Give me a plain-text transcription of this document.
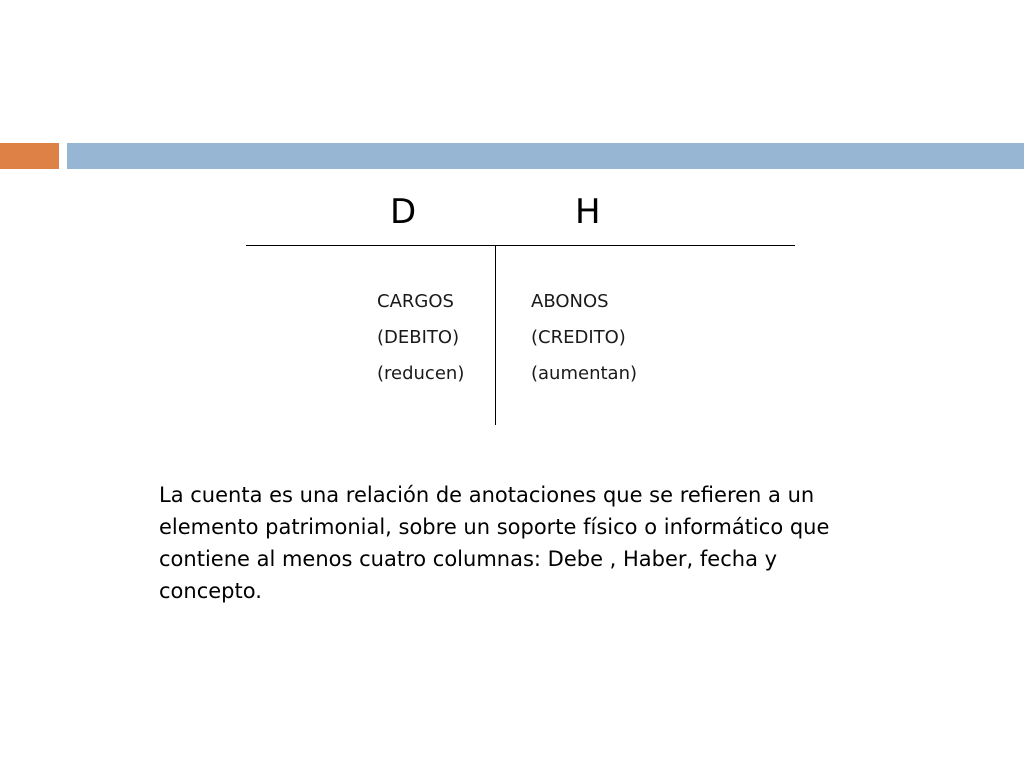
D	H
CARGOS
(DEBITO)
(reducen)
ABONOS
(CREDITO)
(aumentan)
La cuenta es una relación de anotaciones que se refieren a un elemento patrimonial, sobre un soporte físico o informático que contiene al menos cuatro columnas: Debe , Haber, fecha y concepto.
